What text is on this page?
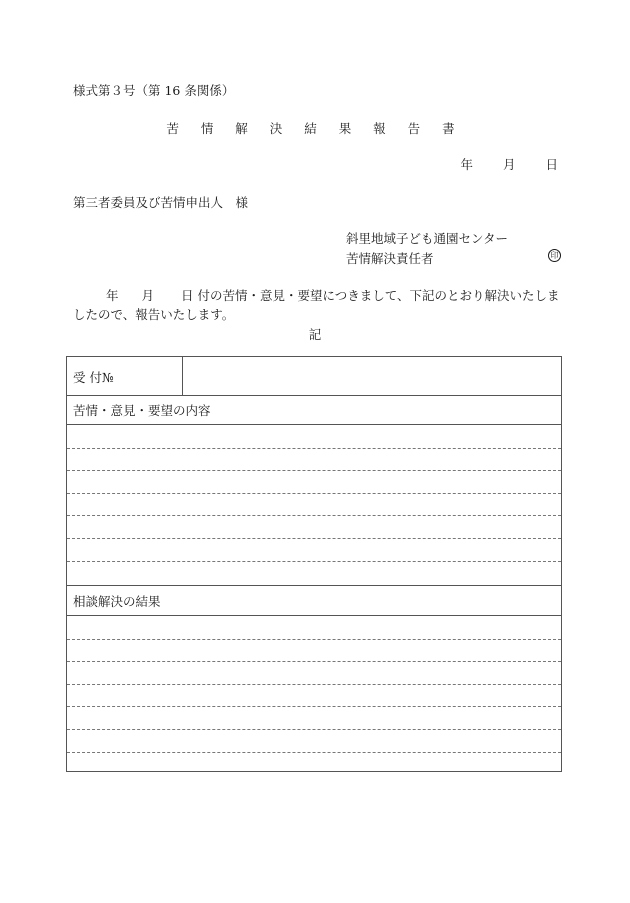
様式第３号（第 16 条関係）
苦 情 解 決 結 果 報 告 書
年 月 日
第三者委員及び苦情申出人　様
斜里地域子ども通園センター
苦情解決責任者	印
年 月 日 付の苦情・意見・要望につきまして、下記のとおり解決いたしましたので、報告いたします。
記
受 付№
苦情・意見・要望の内容
相談解決の結果
